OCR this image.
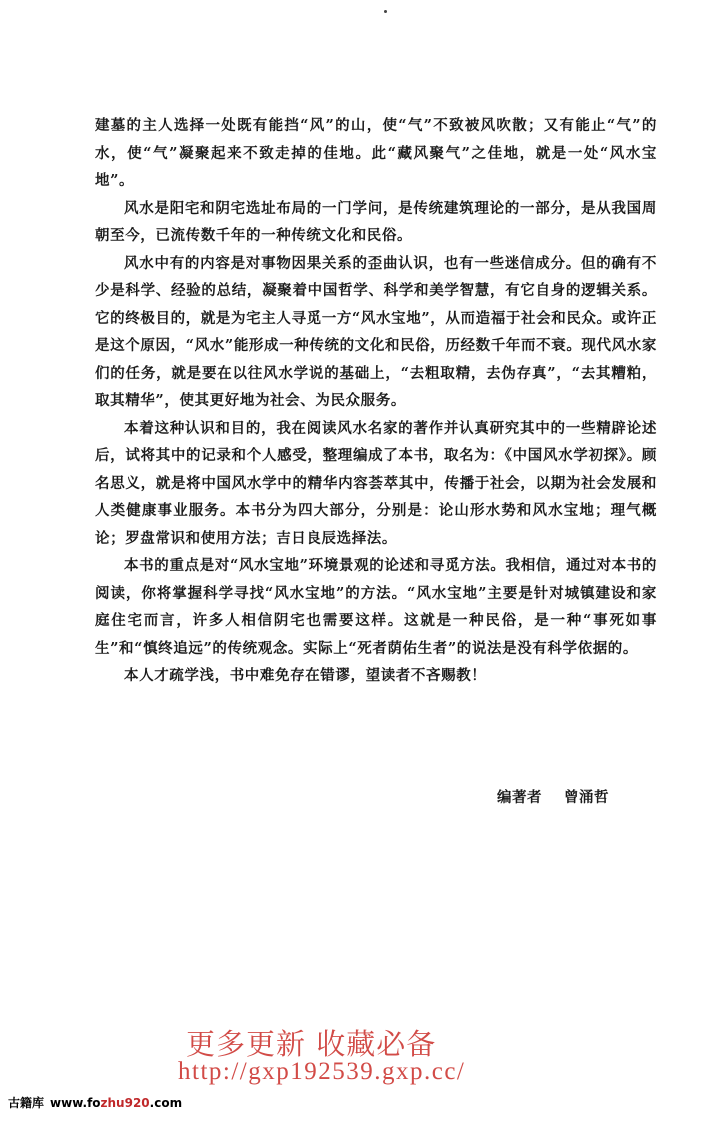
建墓的主人选择一处既有能挡“风”的山，使“气”不致被风吹散；又有能止“气”的水，使“气”凝聚起来不致走掉的佳地。此“藏风聚气”之佳地，就是一处“风水宝地”。

风水是阳宅和阴宅选址布局的一门学问，是传统建筑理论的一部分，是从我国周朝至今，已流传数千年的一种传统文化和民俗。

风水中有的内容是对事物因果关系的歪曲认识，也有一些迷信成分。但的确有不少是科学、经验的总结，凝聚着中国哲学、科学和美学智慧，有它自身的逻辑关系。它的终极目的，就是为宅主人寻觅一方“风水宝地”，从而造福于社会和民众。或许正是这个原因，“风水”能形成一种传统的文化和民俗，历经数千年而不衰。现代风水家们的任务，就是要在以往风水学说的基础上，“去粗取精，去伪存真”，“去其糟粕，取其精华”，使其更好地为社会、为民众服务。

本着这种认识和目的，我在阅读风水名家的著作并认真研究其中的一些精辟论述后，试将其中的记录和个人感受，整理编成了本书，取名为：《中国风水学初探》。顾名思义，就是将中国风水学中的精华内容荟萃其中，传播于社会，以期为社会发展和人类健康事业服务。本书分为四大部分，分别是：论山形水势和风水宝地；理气概论；罗盘常识和使用方法；吉日良辰选择法。

本书的重点是对“风水宝地”环境景观的论述和寻觅方法。我相信，通过对本书的阅读，你将掌握科学寻找“风水宝地”的方法。“风水宝地”主要是针对城镇建设和家庭住宅而言，许多人相信阴宅也需要这样。这就是一种民俗，是一种“事死如事生”和“慎终追远”的传统观念。实际上“死者荫佑生者”的说法是没有科学依据的。

本人才疏学浅，书中难免存在错谬，望读者不吝赐教！

编著者 曾涌哲
更多更新 收藏必备
http://gxp192539.gxp.cc/
古籍库 www.fozhu920.com
